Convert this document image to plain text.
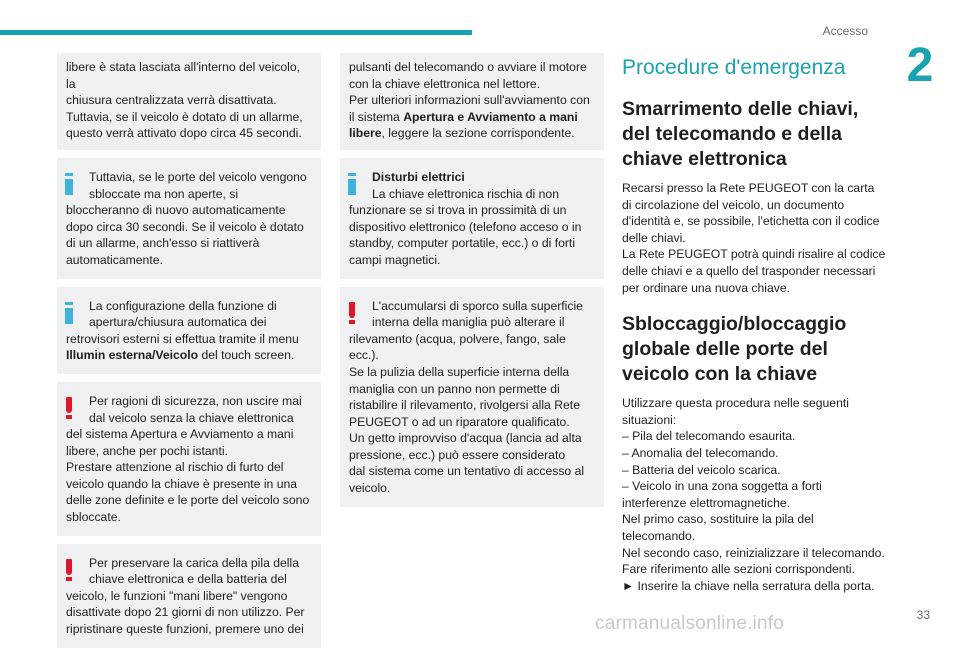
Accesso
2
libere è stata lasciata all'interno del veicolo, la
chiusura centralizzata verrà disattivata.
Tuttavia, se il veicolo è dotato di un allarme,
questo verrà attivato dopo circa 45 secondi.
Tuttavia, se le porte del veicolo vengono
sbloccate ma non aperte, si
bloccheranno di nuovo automaticamente
dopo circa 30 secondi. Se il veicolo è dotato
di un allarme, anch'esso si riattiverà
automaticamente.
La configurazione della funzione di
apertura/chiusura automatica dei
retrovisori esterni si effettua tramite il menu
Illumin esterna/Veicolo del touch screen.
Per ragioni di sicurezza, non uscire mai
dal veicolo senza la chiave elettronica
del sistema Apertura e Avviamento a mani
libere, anche per pochi istanti.
Prestare attenzione al rischio di furto del
veicolo quando la chiave è presente in una
delle zone definite e le porte del veicolo sono
sbloccate.
Per preservare la carica della pila della
chiave elettronica e della batteria del
veicolo, le funzioni "mani libere" vengono
disattivate dopo 21 giorni di non utilizzo. Per
ripristinare queste funzioni, premere uno dei
pulsanti del telecomando o avviare il motore
con la chiave elettronica nel lettore.
Per ulteriori informazioni sull'avviamento con
il sistema Apertura e Avviamento a mani
libere, leggere la sezione corrispondente.
Disturbi elettrici
La chiave elettronica rischia di non
funzionare se si trova in prossimità di un
dispositivo elettronico (telefono acceso o in
standby, computer portatile, ecc.) o di forti
campi magnetici.
L'accumularsi di sporco sulla superficie
interna della maniglia può alterare il
rilevamento (acqua, polvere, fango, sale
ecc.).
Se la pulizia della superficie interna della
maniglia con un panno non permette di
ristabilire il rilevamento, rivolgersi alla Rete
PEUGEOT o ad un riparatore qualificato.
Un getto improvviso d'acqua (lancia ad alta
pressione, ecc.) può essere considerato
dal sistema come un tentativo di accesso al
veicolo.
Procedure d'emergenza
Smarrimento delle chiavi,
del telecomando e della
chiave elettronica
Recarsi presso la Rete PEUGEOT con la carta
di circolazione del veicolo, un documento
d'identità e, se possibile, l'etichetta con il codice
delle chiavi.
La Rete PEUGEOT potrà quindi risalire al codice
delle chiavi e a quello del trasponder necessari
per ordinare una nuova chiave.
Sbloccaggio/bloccaggio
globale delle porte del
veicolo con la chiave
Utilizzare questa procedura nelle seguenti
situazioni:
– Pila del telecomando esaurita.
– Anomalia del telecomando.
– Batteria del veicolo scarica.
– Veicolo in una zona soggetta a forti
interferenze elettromagnetiche.
Nel primo caso, sostituire la pila del
telecomando.
Nel secondo caso, reinizializzare il telecomando.
Fare riferimento alle sezioni corrispondenti.
► Inserire la chiave nella serratura della porta.
33
carmanualsonline.info
